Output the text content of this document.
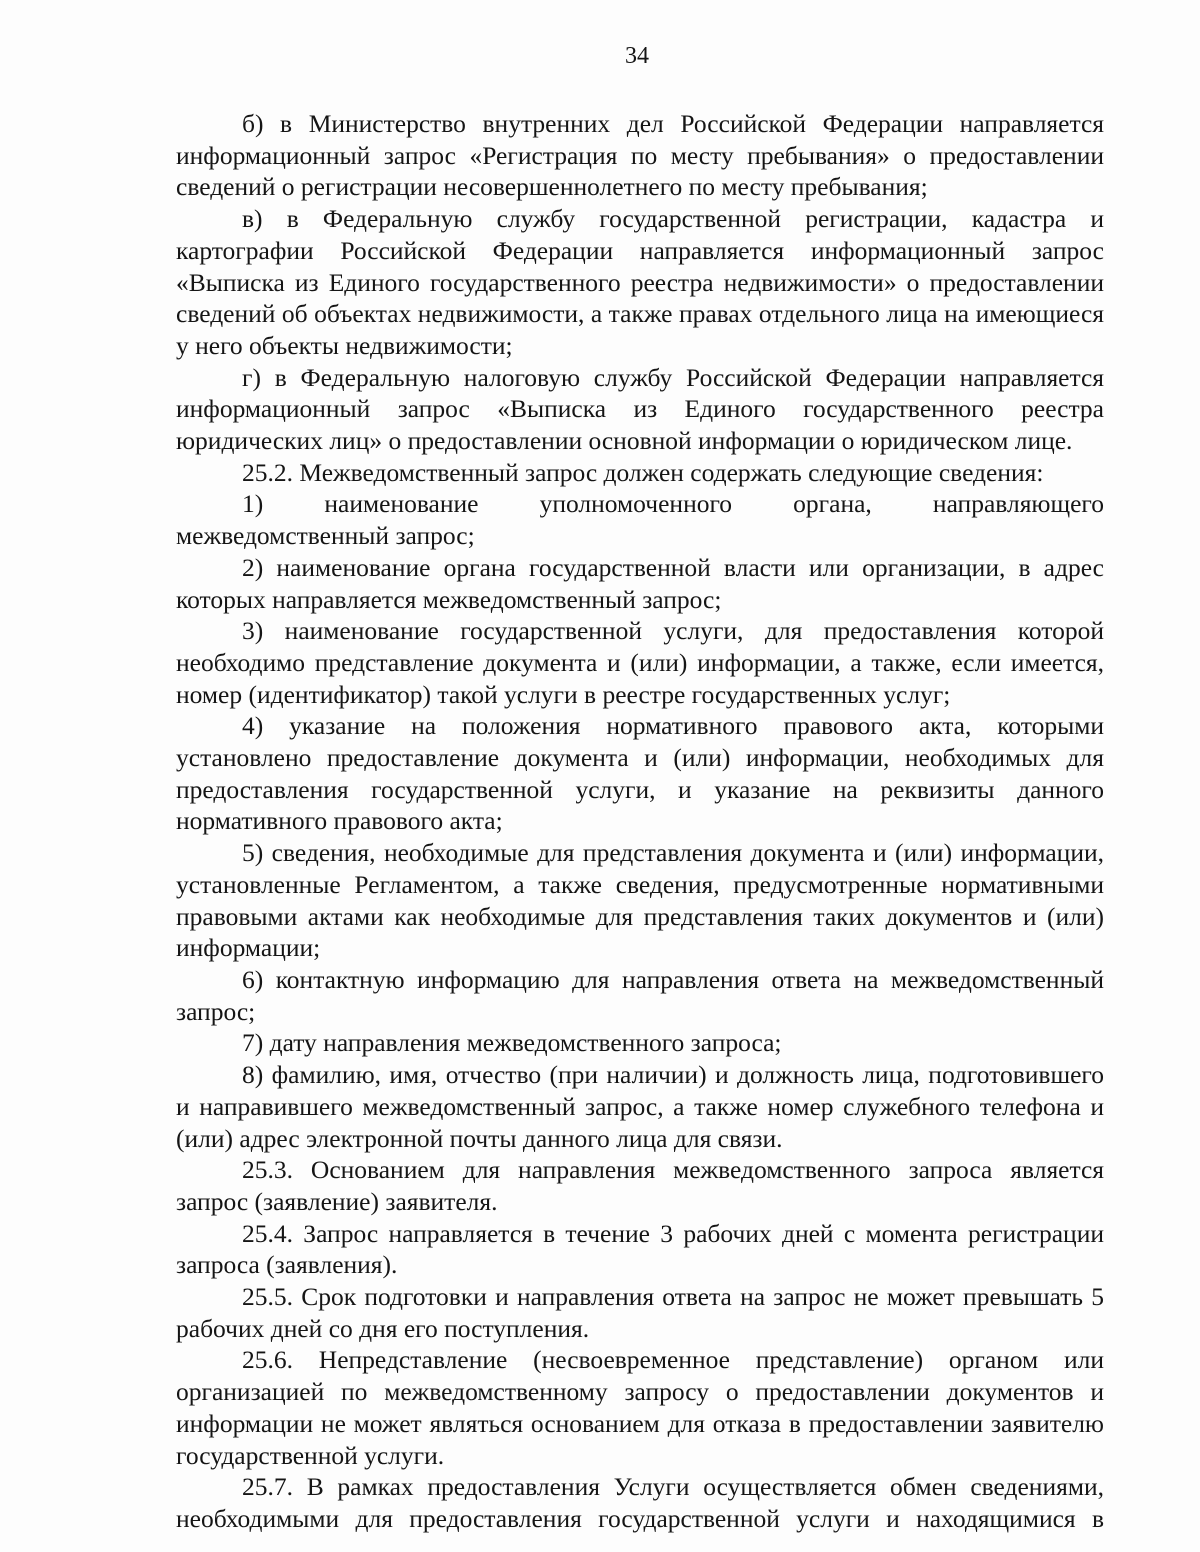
34

б) в Министерство внутренних дел Российской Федерации направляется информационный запрос «Регистрация по месту пребывания» о предоставлении сведений о регистрации несовершеннолетнего по месту пребывания;

в) в Федеральную службу государственной регистрации, кадастра и картографии Российской Федерации направляется информационный запрос «Выписка из Единого государственного реестра недвижимости» о предоставлении сведений об объектах недвижимости, а также правах отдельного лица на имеющиеся у него объекты недвижимости;

г) в Федеральную налоговую службу Российской Федерации направляется информационный запрос «Выписка из Единого государственного реестра юридических лиц» о предоставлении основной информации о юридическом лице.

25.2. Межведомственный запрос должен содержать следующие сведения:

1) наименование уполномоченного органа, направляющего межведомственный запрос;

2) наименование органа государственной власти или организации, в адрес которых направляется межведомственный запрос;

3) наименование государственной услуги, для предоставления которой необходимо представление документа и (или) информации, а также, если имеется, номер (идентификатор) такой услуги в реестре государственных услуг;

4) указание на положения нормативного правового акта, которыми установлено предоставление документа и (или) информации, необходимых для предоставления государственной услуги, и указание на реквизиты данного нормативного правового акта;

5) сведения, необходимые для представления документа и (или) информации, установленные Регламентом, а также сведения, предусмотренные нормативными правовыми актами как необходимые для представления таких документов и (или) информации;

6) контактную информацию для направления ответа на межведомственный запрос;

7) дату направления межведомственного запроса;

8) фамилию, имя, отчество (при наличии) и должность лица, подготовившего и направившего межведомственный запрос, а также номер служебного телефона и (или) адрес электронной почты данного лица для связи.

25.3. Основанием для направления межведомственного запроса является запрос (заявление) заявителя.

25.4. Запрос направляется в течение 3 рабочих дней с момента регистрации запроса (заявления).

25.5. Срок подготовки и направления ответа на запрос не может превышать 5 рабочих дней со дня его поступления.

25.6. Непредставление (несвоевременное представление) органом или организацией по межведомственному запросу о предоставлении документов и информации не может являться основанием для отказа в предоставлении заявителю государственной услуги.

25.7. В рамках предоставления Услуги осуществляется обмен сведениями, необходимыми для предоставления государственной услуги и находящимися в
